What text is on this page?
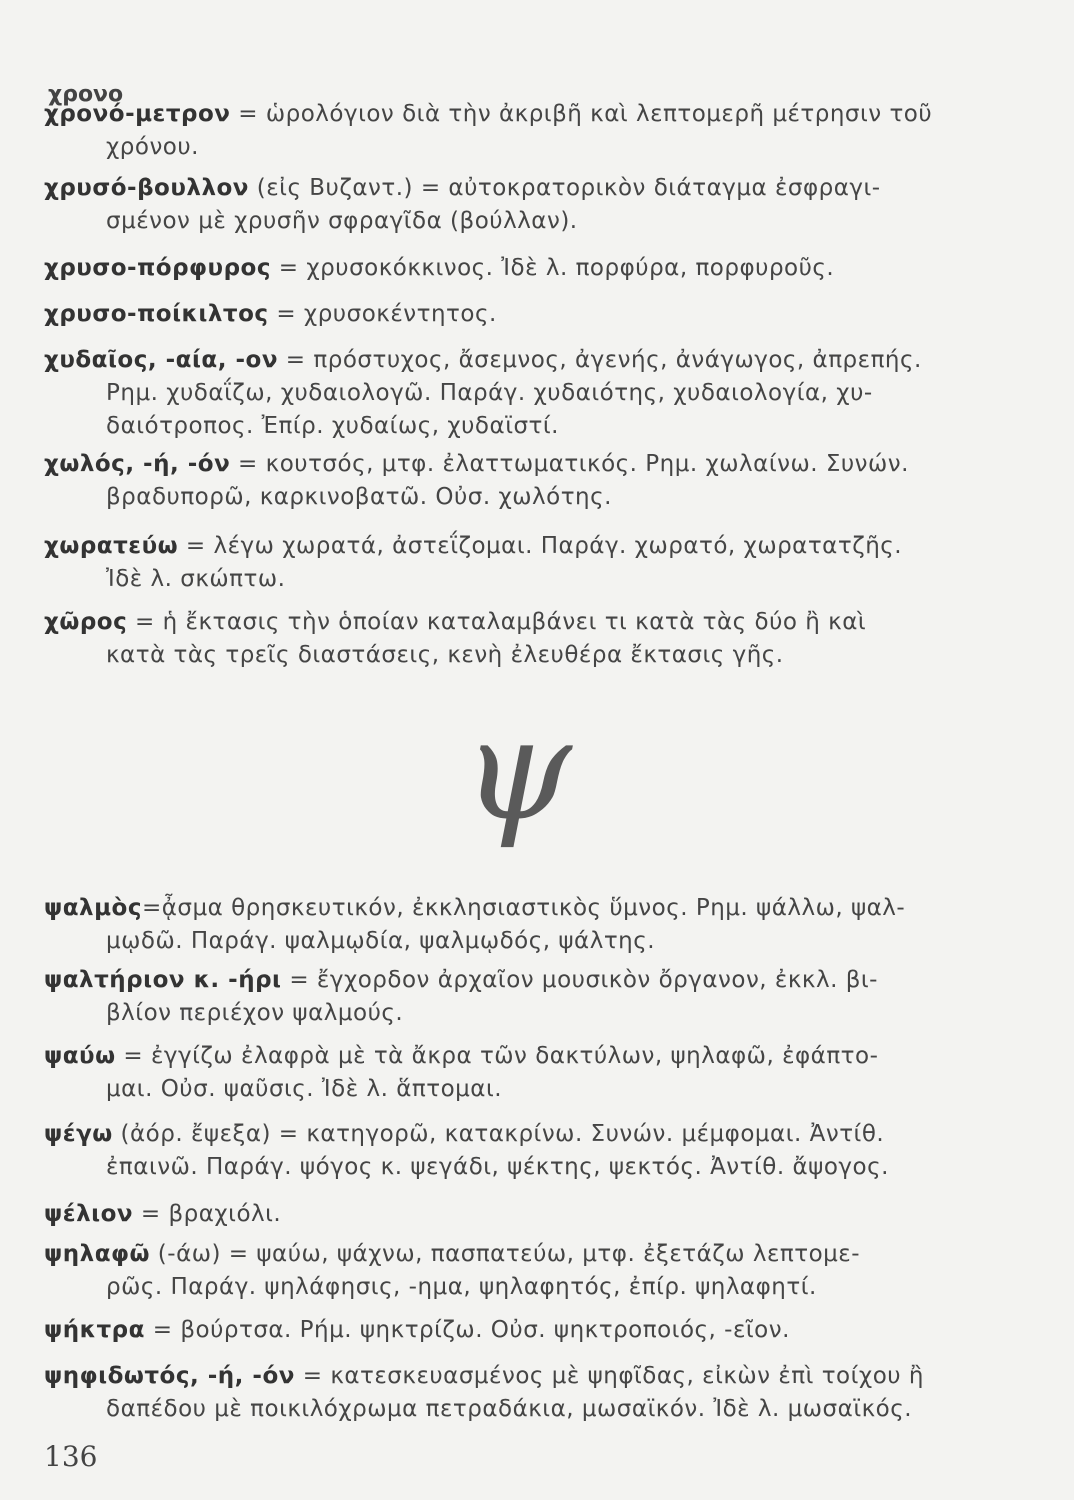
χρονο
χρονό-μετρον = ὡρολόγιον διὰ τὴν ἀκριβῆ καὶ λεπτομερῆ μέτρησιν τοῦ
χρόνου.
χρυσό-βουλλον (εἰς Βυζαντ.) = αὐτοκρατορικὸν διάταγμα ἐσφραγι-
σμένον μὲ χρυσῆν σφραγῖδα (βούλλαν).
χρυσο-πόρφυρος = χρυσοκόκκινος. Ἰδὲ λ. πορφύρα, πορφυροῦς.
χρυσο-ποίκιλτος = χρυσοκέντητος.
χυδαῖος, -αία, -ον = πρόστυχος, ἄσεμνος, ἀγενής, ἀνάγωγος, ἀπρεπής.
Ρημ. χυδαΐζω, χυδαιολογῶ. Παράγ. χυδαιότης, χυδαιολογία, χυ-
δαιότροπος. Ἐπίρ. χυδαίως, χυδαϊστί.
χωλός, -ή, -όν = κουτσός, μτφ. ἐλαττωματικός. Ρημ. χωλαίνω. Συνών.
βραδυπορῶ, καρκινοβατῶ. Οὐσ. χωλότης.
χωρατεύω = λέγω χωρατά, ἀστεΐζομαι. Παράγ. χωρατό, χωρατατζῆς.
Ἰδὲ λ. σκώπτω.
χῶρος = ἡ ἔκτασις τὴν ὁποίαν καταλαμβάνει τι κατὰ τὰς δύο ἢ καὶ
κατὰ τὰς τρεῖς διαστάσεις, κενὴ ἐλευθέρα ἔκτασις γῆς.
ψ
ψαλμὸς=ᾆσμα θρησκευτικόν, ἐκκλησιαστικὸς ὕμνος. Ρημ. ψάλλω, ψαλ-
μῳδῶ. Παράγ. ψαλμῳδία, ψαλμῳδός, ψάλτης.
ψαλτήριον κ. -ήρι = ἔγχορδον ἀρχαῖον μουσικὸν ὄργανον, ἐκκλ. βι-
βλίον περιέχον ψαλμούς.
ψαύω = ἐγγίζω ἐλαφρὰ μὲ τὰ ἄκρα τῶν δακτύλων, ψηλαφῶ, ἐφάπτο-
μαι. Οὐσ. ψαῦσις. Ἰδὲ λ. ἅπτομαι.
ψέγω (ἀόρ. ἔψεξα) = κατηγορῶ, κατακρίνω. Συνών. μέμφομαι. Ἀντίθ.
ἐπαινῶ. Παράγ. ψόγος κ. ψεγάδι, ψέκτης, ψεκτός. Ἀντίθ. ἄψογος.
ψέλιον = βραχιόλι.
ψηλαφῶ (-άω) = ψαύω, ψάχνω, πασπατεύω, μτφ. ἐξετάζω λεπτομε-
ρῶς. Παράγ. ψηλάφησις, -ημα, ψηλαφητός, ἐπίρ. ψηλαφητί.
ψήκτρα = βούρτσα. Ρήμ. ψηκτρίζω. Οὐσ. ψηκτροποιός, -εῖον.
ψηφιδωτός, -ή, -όν = κατεσκευασμένος μὲ ψηφῖδας, εἰκὼν ἐπὶ τοίχου ἢ
δαπέδου μὲ ποικιλόχρωμα πετραδάκια, μωσαϊκόν. Ἰδὲ λ. μωσαϊκός.
136
